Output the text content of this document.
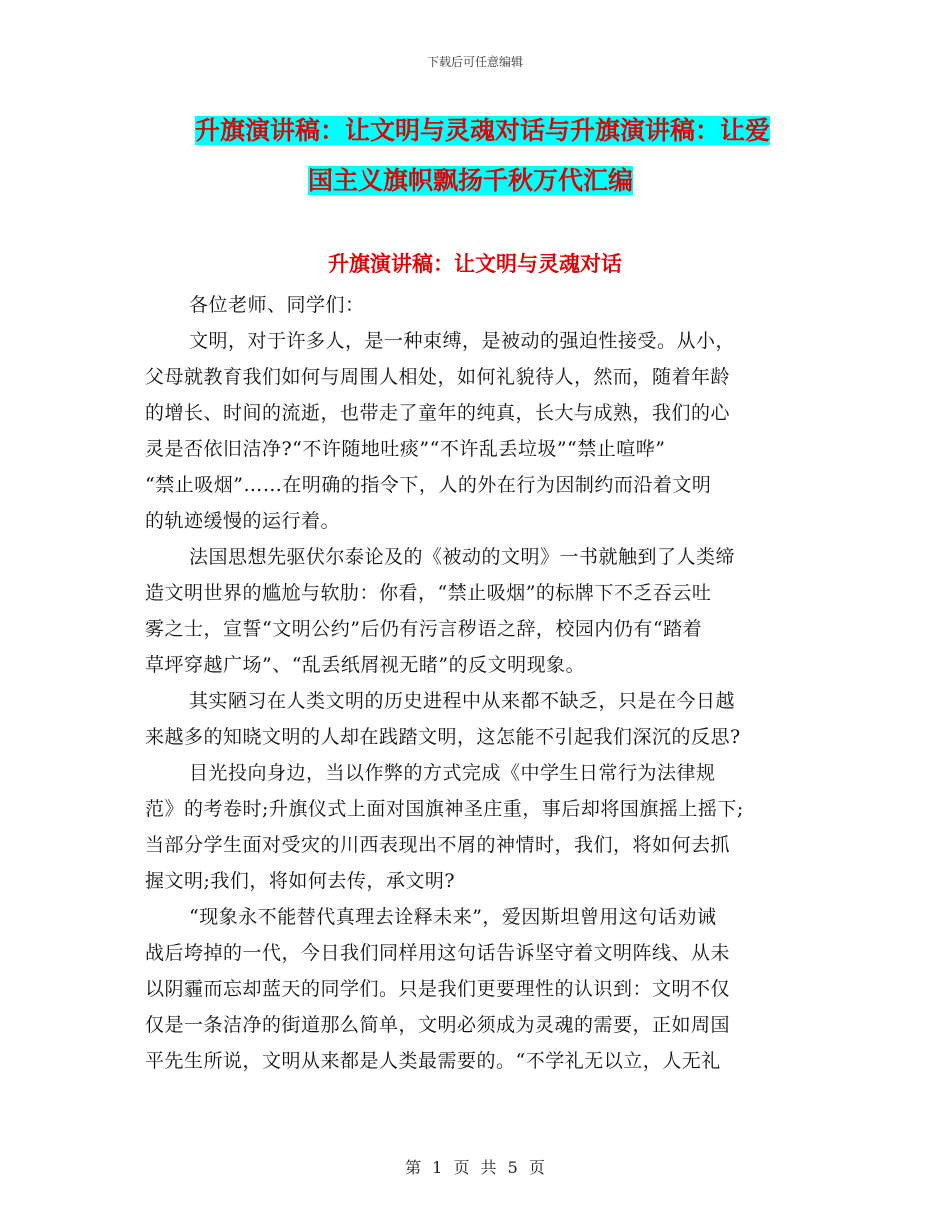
下载后可任意编辑
升旗演讲稿：让文明与灵魂对话与升旗演讲稿：让爱
国主义旗帜飘扬千秋万代汇编
升旗演讲稿：让文明与灵魂对话
各位老师、同学们：
文明，对于许多人，是一种束缚，是被动的强迫性接受。从小，
父母就教育我们如何与周围人相处，如何礼貌待人，然而，随着年龄
的增长、时间的流逝，也带走了童年的纯真，长大与成熟，我们的心
灵是否依旧洁净?“不许随地吐痰”“不许乱丢垃圾”“禁止喧哗”
“禁止吸烟”……在明确的指令下，人的外在行为因制约而沿着文明
的轨迹缓慢的运行着。
法国思想先驱伏尔泰论及的《被动的文明》一书就触到了人类缔
造文明世界的尴尬与软肋：你看，“禁止吸烟”的标牌下不乏吞云吐
雾之士，宣誓“文明公约”后仍有污言秽语之辞，校园内仍有“踏着
草坪穿越广场”、“乱丢纸屑视无睹”的反文明现象。
其实陋习在人类文明的历史进程中从来都不缺乏，只是在今日越
来越多的知晓文明的人却在践踏文明，这怎能不引起我们深沉的反思?
目光投向身边，当以作弊的方式完成《中学生日常行为法律规
范》的考卷时;升旗仪式上面对国旗神圣庄重，事后却将国旗摇上摇下;
当部分学生面对受灾的川西表现出不屑的神情时，我们，将如何去抓
握文明;我们，将如何去传，承文明?
“现象永不能替代真理去诠释未来”，爱因斯坦曾用这句话劝诫
战后垮掉的一代，今日我们同样用这句话告诉坚守着文明阵线、从未
以阴霾而忘却蓝天的同学们。只是我们更要理性的认识到：文明不仅
仅是一条洁净的街道那么简单，文明必须成为灵魂的需要，正如周国
平先生所说，文明从来都是人类最需要的。“不学礼无以立，人无礼
第 1 页 共 5 页
